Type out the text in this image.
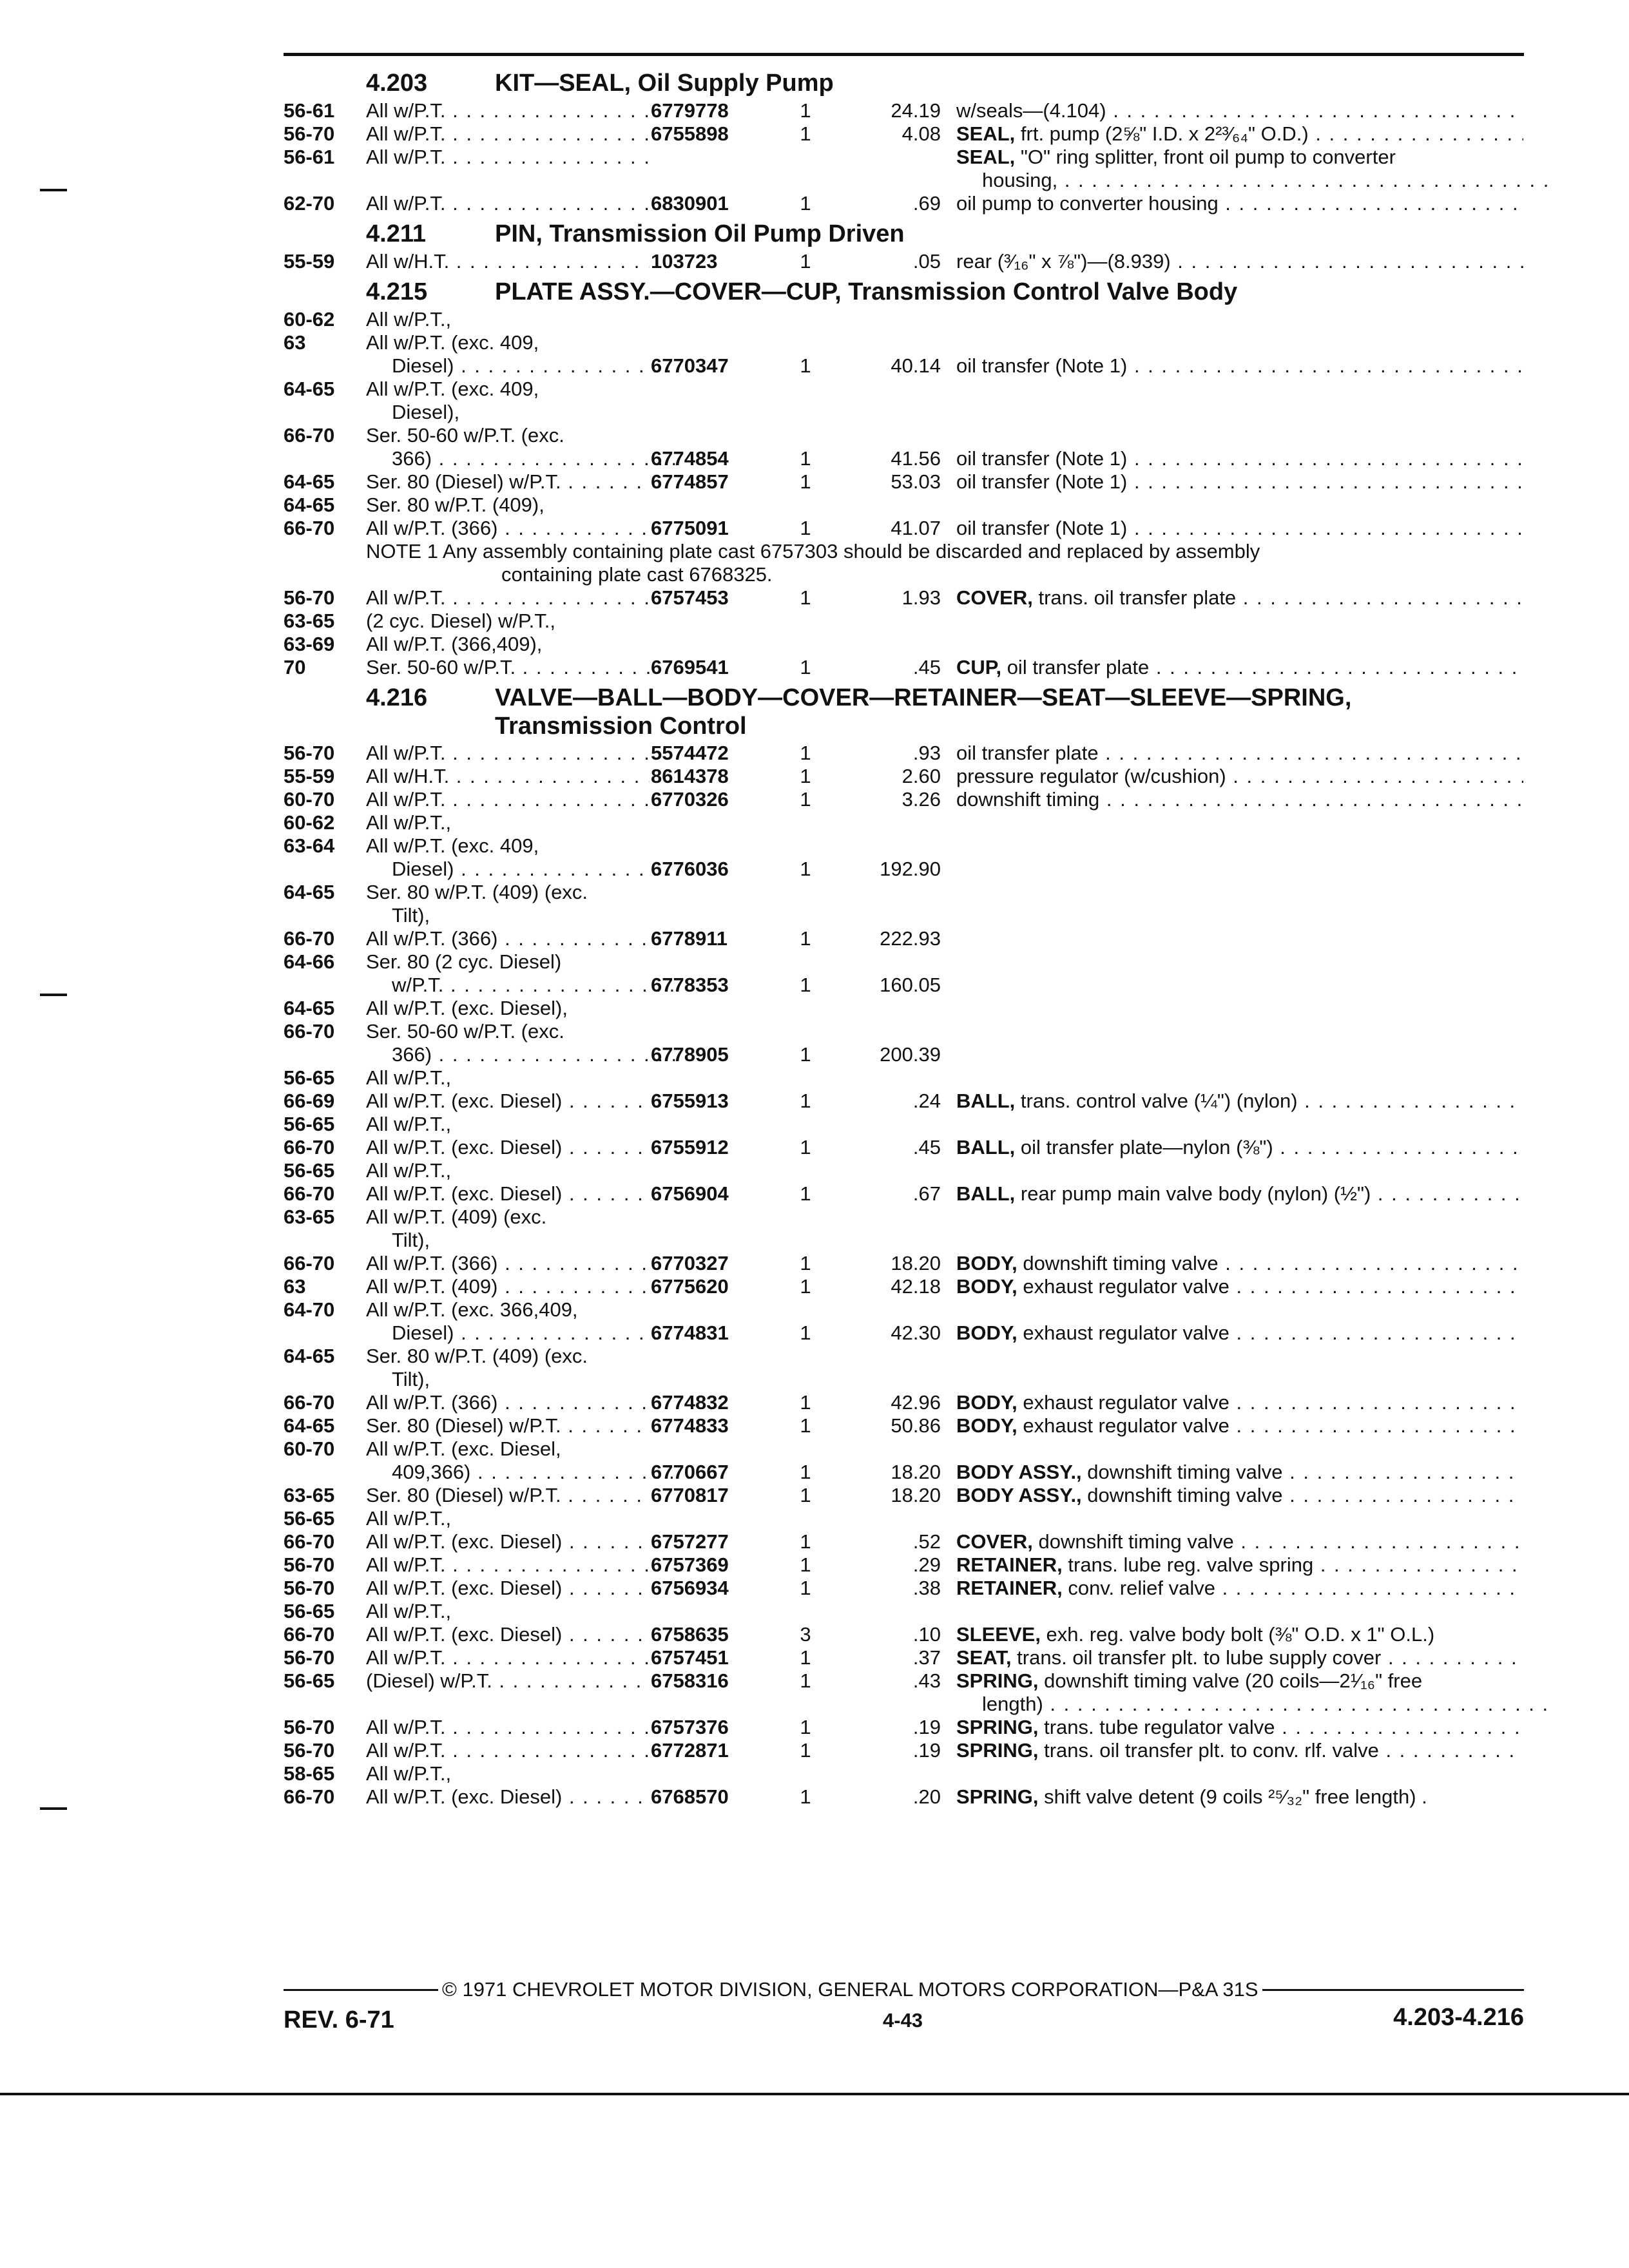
4.203	KIT—SEAL, Oil Supply Pump
56-61	All w/P.T. . . .	6779778	1	24.19 w/seals—(4.104) . . .
56-70	All w/P.T. . . .	6755898	1	4.08 SEAL, frt. pump (2⅝" I.D. x 2²³⁄₆₄" O.D.) . . .
56-61	All w/P.T. . . .	SEAL, "O" ring splitter, front oil pump to converter
housing, . . .
62-70	All w/P.T. . . .	6830901	1	.69 oil pump to converter housing . . .
4.211	PIN, Transmission Oil Pump Driven
55-59	All w/H.T. . . .	103723	1	.05 rear (³⁄₁₆" x ⅞")—(8.939) . . .
4.215	PLATE ASSY.—COVER—CUP, Transmission Control Valve Body
60-62	All w/P.T.,
63	All w/P.T. (exc. 409,
Diesel) . . .	6770347	1	40.14 oil transfer (Note 1) . . .
64-65	All w/P.T. (exc. 409,
Diesel),
66-70	Ser. 50-60 w/P.T. (exc.
366) . . .	6774854	1	41.56 oil transfer (Note 1) . . .
64-65	Ser. 80 (Diesel) w/P.T. . . .	6774857	1	53.03 oil transfer (Note 1) . . .
64-65	Ser. 80 w/P.T. (409),
66-70	All w/P.T. (366) . . .	6775091	1	41.07 oil transfer (Note 1) . . .
NOTE 1 Any assembly containing plate cast 6757303 should be discarded and replaced by assembly
containing plate cast 6768325.
56-70	All w/P.T. . . .	6757453	1	1.93 COVER, trans. oil transfer plate . . .
63-65	(2 cyc. Diesel) w/P.T.,
63-69	All w/P.T. (366,409),
70	Ser. 50-60 w/P.T. . . .	6769541	1	.45 CUP, oil transfer plate . . .
4.216	VALVE—BALL—BODY—COVER—RETAINER—SEAT—SLEEVE—SPRING,
Transmission Control
56-70	All w/P.T. . . .	5574472	1	.93 oil transfer plate . . .
55-59	All w/H.T. . . .	8614378	1	2.60 pressure regulator (w/cushion) . . .
60-70	All w/P.T. . . .	6770326	1	3.26 downshift timing . . .
60-62	All w/P.T.,
63-64	All w/P.T. (exc. 409,
Diesel) . . .	6776036	1	192.90
64-65	Ser. 80 w/P.T. (409) (exc.
Tilt),
66-70	All w/P.T. (366) . . .	6778911	1	222.93
64-66	Ser. 80 (2 cyc. Diesel)
w/P.T. . . .	6778353	1	160.05
64-65	All w/P.T. (exc. Diesel),
66-70	Ser. 50-60 w/P.T. (exc.
366) . . .	6778905	1	200.39
56-65	All w/P.T.,
66-69	All w/P.T. (exc. Diesel) . . .	6755913	1	.24 BALL, trans. control valve (¼") (nylon) . . .
56-65	All w/P.T.,
66-70	All w/P.T. (exc. Diesel) . . .	6755912	1	.45 BALL, oil transfer plate—nylon (⅜") . . .
56-65	All w/P.T.,
66-70	All w/P.T. (exc. Diesel) . . .	6756904	1	.67 BALL, rear pump main valve body (nylon) (½") . . .
63-65	All w/P.T. (409) (exc.
Tilt),
66-70	All w/P.T. (366) . . .	6770327	1	18.20 BODY, downshift timing valve . . .
63	All w/P.T. (409) . . .	6775620	1	42.18 BODY, exhaust regulator valve . . .
64-70	All w/P.T. (exc. 366,409,
Diesel) . . .	6774831	1	42.30 BODY, exhaust regulator valve . . .
64-65	Ser. 80 w/P.T. (409) (exc.
Tilt),
66-70	All w/P.T. (366) . . .	6774832	1	42.96 BODY, exhaust regulator valve . . .
64-65	Ser. 80 (Diesel) w/P.T. . . .	6774833	1	50.86 BODY, exhaust regulator valve . . .
60-70	All w/P.T. (exc. Diesel,
409,366) . . .	6770667	1	18.20 BODY ASSY., downshift timing valve . . .
63-65	Ser. 80 (Diesel) w/P.T. . . .	6770817	1	18.20 BODY ASSY., downshift timing valve . . .
56-65	All w/P.T.,
66-70	All w/P.T. (exc. Diesel) . . .	6757277	1	.52 COVER, downshift timing valve . . .
56-70	All w/P.T. . . .	6757369	1	.29 RETAINER, trans. lube reg. valve spring . . .
56-70	All w/P.T. (exc. Diesel) . . .	6756934	1	.38 RETAINER, conv. relief valve . . .
56-65	All w/P.T.,
66-70	All w/P.T. (exc. Diesel) . . .	6758635	3	.10 SLEEVE, exh. reg. valve body bolt (⅜" O.D. x 1" O.L.)
56-70	All w/P.T. . . .	6757451	1	.37 SEAT, trans. oil transfer plt. to lube supply cover . . .
56-65	(Diesel) w/P.T. . . .	6758316	1	.43 SPRING, downshift timing valve (20 coils—2¹⁄₁₆" free
length) . . .
56-70	All w/P.T. . . .	6757376	1	.19 SPRING, trans. tube regulator valve . . .
56-70	All w/P.T. . . .	6772871	1	.19 SPRING, trans. oil transfer plt. to conv. rlf. valve . . .
58-65	All w/P.T.,
66-70	All w/P.T. (exc. Diesel) . . .	6768570	1	.20 SPRING, shift valve detent (9 coils ²⁵⁄₃₂" free length) .
© 1971 CHEVROLET MOTOR DIVISION, GENERAL MOTORS CORPORATION—P&A 31S
REV. 6-71	4-43	4.203-4.216
